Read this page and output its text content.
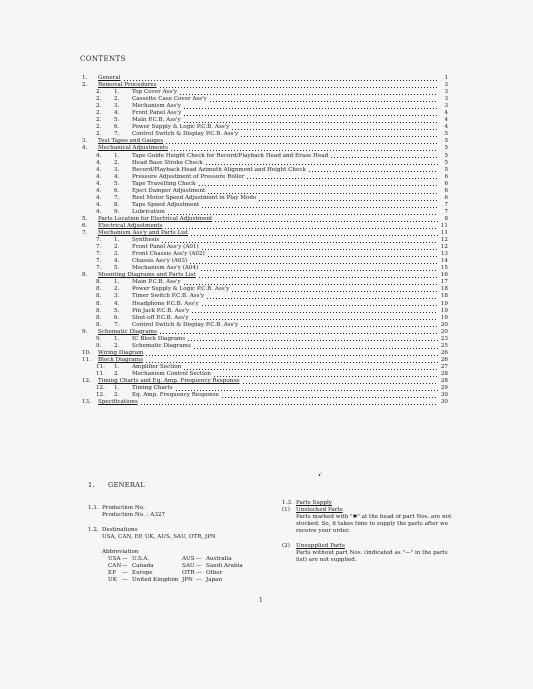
CONTENTS
1.	General	1
2.	Removal Procedures	3
2.	1.	Top Cover Ass'y	3
2.	2.	Cassette Case Cover Ass'y	3
2.	3.	Mechanism Ass'y	3
2.	4.	Front Panel Ass'y	4
2.	5.	Main P.C.B. Ass'y	4
2.	6.	Power Supply & Logic P.C.B. Ass'y	4
2.	7.	Control Switch & Display P.C.B. Ass'y	5
3.	Test Tapes and Gauges	5
4.	Mechanical Adjustments	5
4.	1.	Tape Guide Height Check for Record/Playback Head and Erase Head	5
4.	2.	Head Base Stroke Check	5
4.	3.	Record/Playback Head Azimuth Alignment and Height Check	5
4.	4.	Pressure Adjustment of Pressure Roller	6
4.	5.	Tape Travelling Check	6
4.	6.	Eject Damper Adjustment	6
4.	7.	Reel Motor Speed Adjustment in Play Mode	6
4.	8.	Tape Speed Adjustment	7
4.	9.	Lubrication	7
5.	Parts Location for Electrical Adjustment	8
6.	Electrical Adjustments	11
7.	Mechanism Ass'y and Parts List	11
7.	1.	Synthesis	12
7.	2.	Front Panel Ass'y (A01)	12
7.	3.	Front Chassis Ass'y (A02)	13
7.	4.	Chassis Ass'y (A03)	14
7.	5.	Mechanism Ass'y (A04)	15
8.	Mounting Diagrams and Parts List	16
8.	1.	Main P.C.B. Ass'y	17
8.	2.	Power Supply & Logic P.C.B. Ass'y	18
8.	3.	Timer Switch P.C.B. Ass'y	18
8.	4.	Headphone P.C.B. Ass'y	19
8.	5.	Pin Jack P.C.B. Ass'y	19
8.	6.	Shut-off P.C.B. Ass'y	19
8.	7.	Control Switch & Display P.C.B. Ass'y	20
9.	Schematic Diagrams	20
9.	1.	IC Block Diagrams	23
9.	2.	Schematic Diagrams	25
10.	Wiring Diagram	26
11.	Block Diagrams	26
11.	1.	Amplifier Section	27
11.	2.	Mechanism Control Section	28
12.	Timing Charts and Eq. Amp. Frequency Response	28
12.	1.	Timing Charts	29
12.	2.	Eq. Amp. Frequency Response	30
13.	Specifications	30
•′
1. GENERAL
1.1. Production No.
Production No. : A327
1.2. Destinations
USA, CAN, EP, UK, AUS, SAU, OTR, JPN
Abbreviation
USA — U.S.A.	AUS — Australia
CAN — Canada	SAU — Saudi Arabia
EP	— Europe	OTR — Other
UK — United Kingdom JPN — Japan
1.3. Parts Supply
(1) Unstocked Parts
Parts marked with "✱" at the head of part Nos. are not
stocked. So, it takes time to supply the parts after we
receive your order.
(2) Unsupplied Parts
Parts without part Nos. (indicated as "—" in the parts
list) are not supplied.
1
